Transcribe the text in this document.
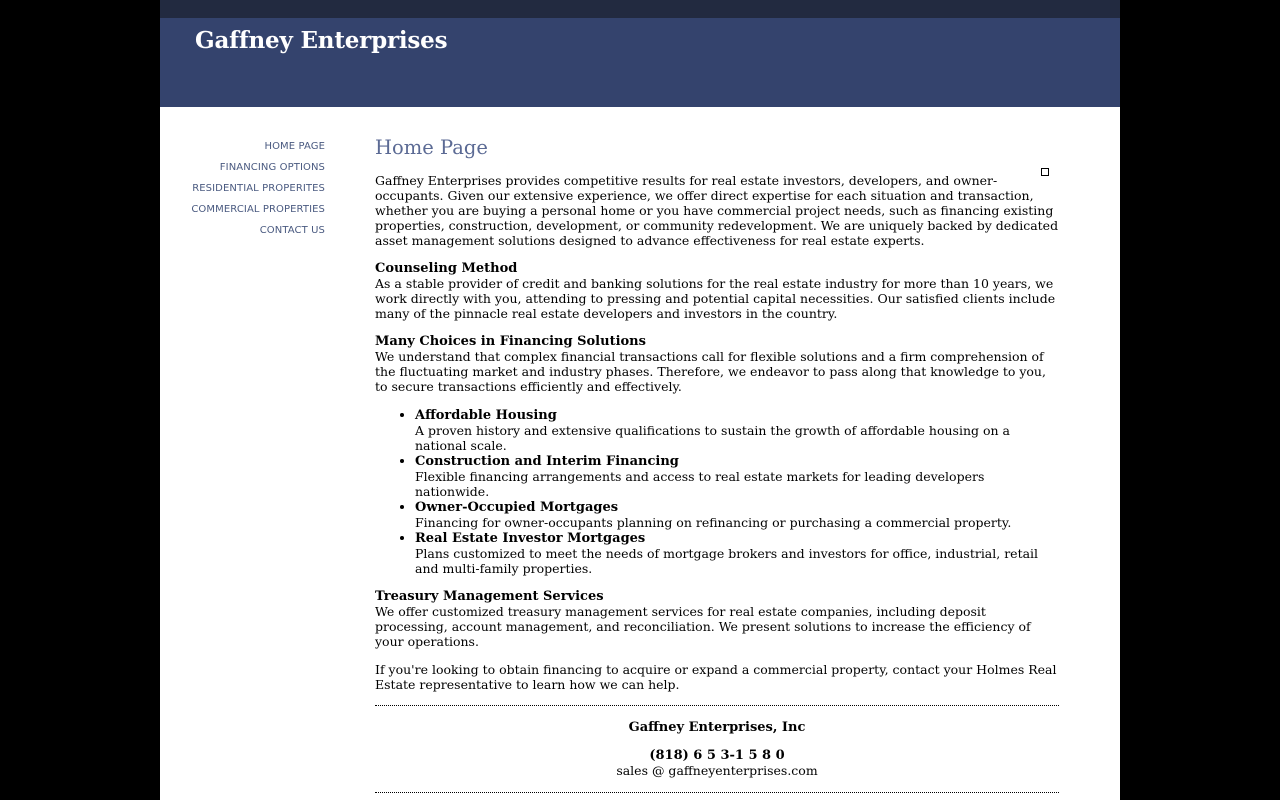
Gaffney Enterprises
HOME PAGE
FINANCING OPTIONS
RESIDENTIAL PROPERITES
COMMERCIAL PROPERTIES
CONTACT US
Home Page

Gaffney Enterprises provides competitive results for real estate investors, developers, and owner-occupants. Given our extensive experience, we offer direct expertise for each situation and transaction, whether you are buying a personal home or you have commercial project needs, such as financing existing properties, construction, development, or community redevelopment. We are uniquely backed by dedicated asset management solutions designed to advance effectiveness for real estate experts.

Counseling Method

As a stable provider of credit and banking solutions for the real estate industry for more than 10 years, we work directly with you, attending to pressing and potential capital necessities. Our satisfied clients include many of the pinnacle real estate developers and investors in the country.

Many Choices in Financing Solutions

We understand that complex financial transactions call for flexible solutions and a firm comprehension of the fluctuating market and industry phases. Therefore, we endeavor to pass along that knowledge to you, to secure transactions efficiently and effectively.

• Affordable Housing
A proven history and extensive qualifications to sustain the growth of affordable housing on a national scale.
• Construction and Interim Financing
Flexible financing arrangements and access to real estate markets for leading developers nationwide.
• Owner-Occupied Mortgages
Financing for owner-occupants planning on refinancing or purchasing a commercial property.
• Real Estate Investor Mortgages
Plans customized to meet the needs of mortgage brokers and investors for office, industrial, retail and multi-family properties.
Treasury Management Services

We offer customized treasury management services for real estate companies, including deposit processing, account management, and reconciliation. We present solutions to increase the efficiency of your operations.

If you're looking to obtain financing to acquire or expand a commercial property, contact your Holmes Real Estate representative to learn how we can help.

Gaffney Enterprises, Inc
(818) 6 5 3-1 5 8 0
sales @ gaffneyenterprises.com
